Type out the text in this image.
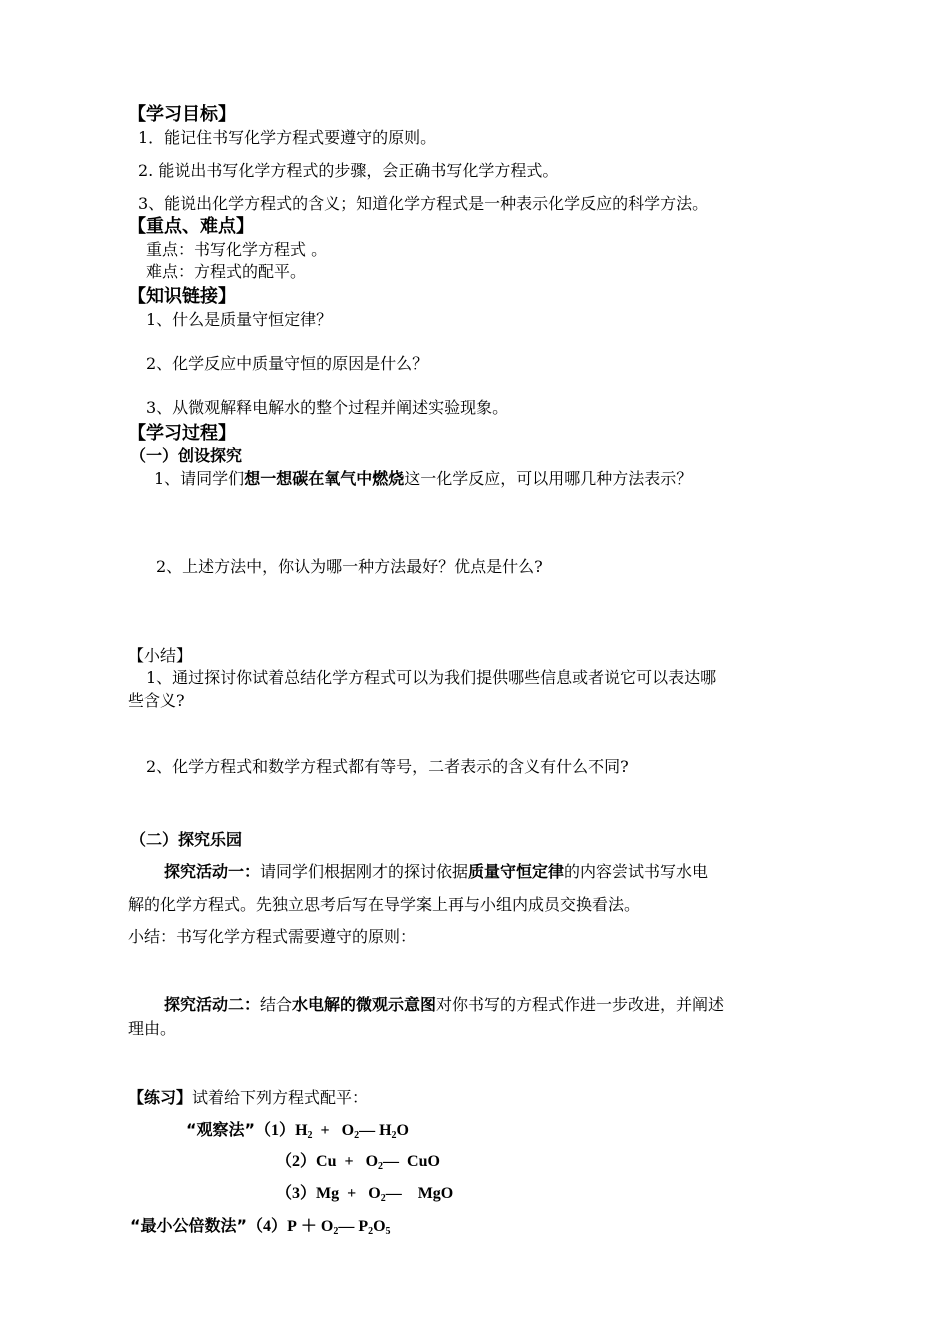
【学习目标】
1．能记住书写化学方程式要遵守的原则。
2. 能说出书写化学方程式的步骤，会正确书写化学方程式。
3、能说出化学方程式的含义；知道化学方程式是一种表示化学反应的科学方法。
【重点、难点】
重点：书写化学方程式 。
难点：方程式的配平。
【知识链接】
1、什么是质量守恒定律？
2、化学反应中质量守恒的原因是什么？
3、从微观解释电解水的整个过程并阐述实验现象。
【学习过程】
（一）创设探究
1、请同学们想一想碳在氧气中燃烧这一化学反应，可以用哪几种方法表示？
2、上述方法中，你认为哪一种方法最好？优点是什么?
【小结】
1、通过探讨你试着总结化学方程式可以为我们提供哪些信息或者说它可以表达哪
些含义?
2、化学方程式和数学方程式都有等号，二者表示的含义有什么不同?
（二）探究乐园
探究活动一：请同学们根据刚才的探讨依据质量守恒定律的内容尝试书写水电
解的化学方程式。先独立思考后写在导学案上再与小组内成员交换看法。
小结：书写化学方程式需要遵守的原则：
探究活动二：结合水电解的微观示意图对你书写的方程式作进一步改进，并阐述
理由。
【练习】试着给下列方程式配平：
“观察法$”(1)H_2$ + $O_2—$ $H_2O$
$(2)Cu + O_2—$ CuO
$(3)Mg + O_2—$ MgO
“最小公倍数法”（4）P ＋ $O_2—$ $P_2O_5$
